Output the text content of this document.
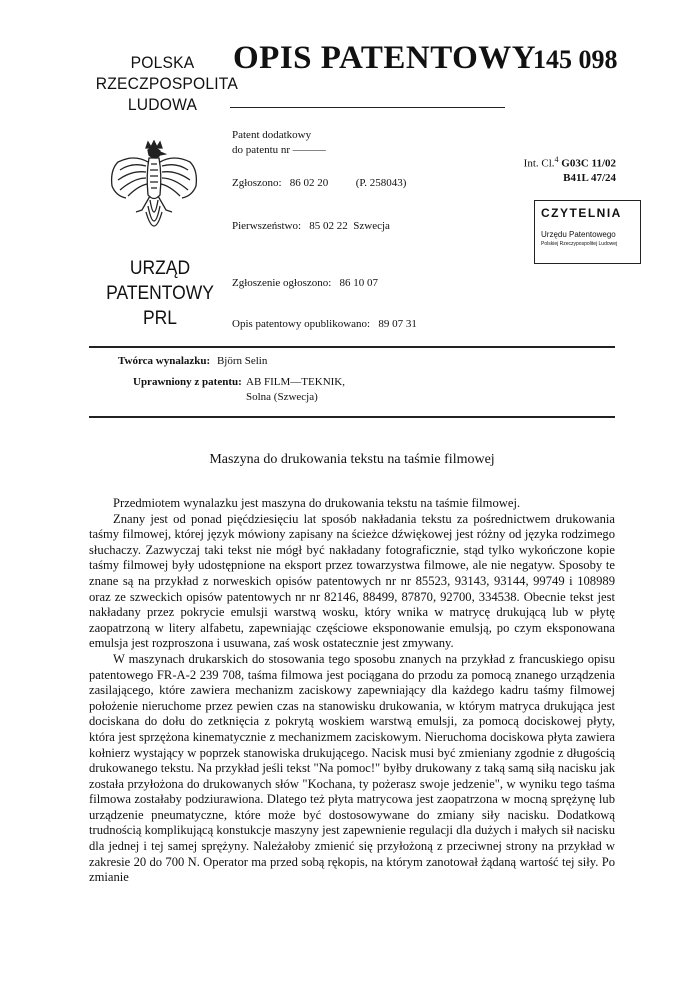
POLSKA
RZECZPOSPOLITA
LUDOWA
URZĄD
PATENTOWY
PRL
OPIS PATENTOWY
145 098
Patent dodatkowy
do patentu nr ———
Zgłoszono:   86 02 20          (P. 258043)
Pierwszeństwo:   85 02 22  Szwecja
Zgłoszenie ogłoszono:   86 10 07
Opis patentowy opublikowano:   89 07 31
Int. Cl.$^4$ G03C 11/02
B41L 47/24
CZYTELNIA
Urzędu Patentowego
Polskiej Rzeczypospolitej Ludowej
Twórca wynalazku: Björn Selin
Uprawniony z patentu: AB FILM—TEKNIK,
Solna (Szwecja)
Maszyna do drukowania tekstu na taśmie filmowej

Przedmiotem wynalazku jest maszyna do drukowania tekstu na taśmie filmowej.

Znany jest od ponad pięćdziesięciu lat sposób nakładania tekstu za pośrednictwem drukowania taśmy filmowej, której język mówiony zapisany na ścieżce dźwiękowej jest różny od języka rodzimego słuchaczy. Zazwyczaj taki tekst nie mógł być nakładany fotograficznie, stąd tylko wykończone kopie taśmy filmowej były udostępnione na eksport przez towarzystwa filmowe, ale nie negatyw. Sposoby te znane są na przykład z norweskich opisów patentowych nr nr 85523, 93143, 93144, 99749 i 108989 oraz ze szweckich opisów patentowych nr nr 82146, 88499, 87870, 92700, 334538. Obecnie tekst jest nakładany przez pokrycie emulsji warstwą wosku, który wnika w matrycę drukującą lub w płytę zaopatrzoną w litery alfabetu, zapewniając częściowe eksponowanie emulsją, po czym eksponowana emulsja jest rozproszona i usuwana, zaś wosk ostatecznie jest zmywany.

W maszynach drukarskich do stosowania tego sposobu znanych na przykład z francuskiego opisu patentowego FR-A-2 239 708, taśma filmowa jest pociągana do przodu za pomocą znanego urządzenia zasilającego, które zawiera mechanizm zaciskowy zapewniający dla każdego kadru taśmy filmowej położenie nieruchome przez pewien czas na stanowisku drukowania, w którym matryca drukująca jest dociskana do dołu do zetknięcia z pokrytą woskiem warstwą emulsji, za pomocą dociskowej płyty, która jest sprzężona kinematycznie z mechanizmem zaciskowym. Nieruchoma dociskowa płyta zawiera kołnierz wystający w poprzek stanowiska drukującego. Nacisk musi być zmieniany zgodnie z długością drukowanego tekstu. Na przykład jeśli tekst "Na pomoc!" byłby drukowany z taką samą siłą nacisku jak została przyłożona do drukowanych słów "Kochana, ty pożerasz swoje jedzenie", w wyniku tego taśma filmowa zostałaby podziurawiona. Dlatego też płyta matrycowa jest zaopatrzona w mocną sprężynę lub urządzenie pneumatyczne, które może być dostosowywane do zmiany siły nacisku. Dodatkową trudnością komplikującą konstukcje maszyny jest zapewnienie regulacji dla dużych i małych sił nacisku dla jednej i tej samej sprężyny. Należałoby zmienić się przyłożoną z przeciwnej strony na przykład w zakresie 20 do 700 N. Operator ma przed sobą rękopis, na którym zanotował żądaną wartość tej siły. Po zmianie
